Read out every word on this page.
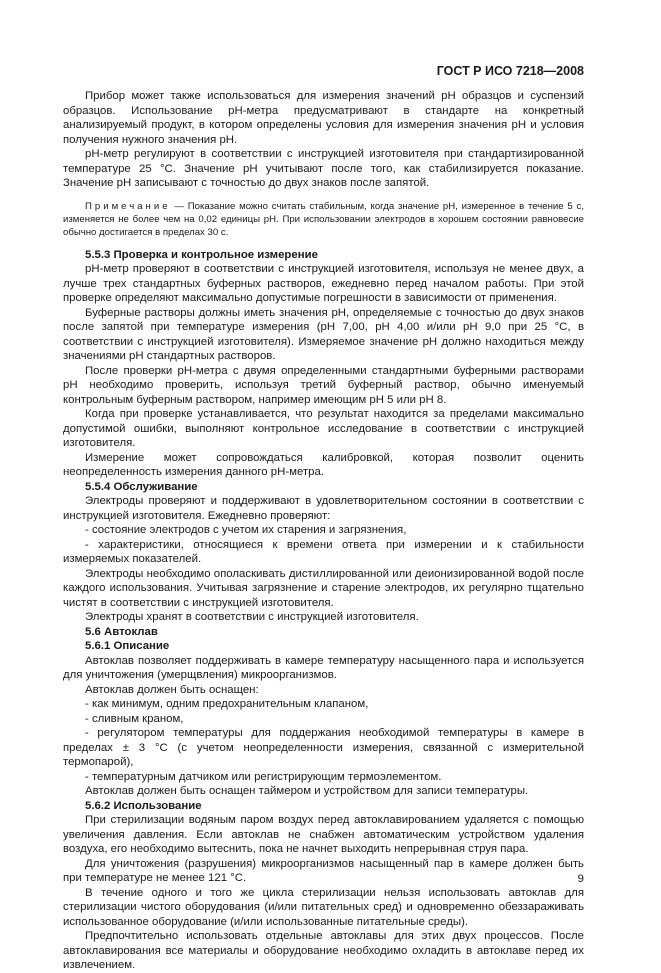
ГОСТ Р ИСО 7218—2008

Прибор может также использоваться для измерения значений pH образцов и суспензий образцов. Использование pH-метра предусматривают в стандарте на конкретный анализируемый продукт, в котором определены условия для измерения значения pH и условия получения нужного значения pH.

pH-метр регулируют в соответствии с инструкцией изготовителя при стандартизированной температуре 25 °С. Значение pH учитывают после того, как стабилизируется показание. Значение pH записывают с точностью до двух знаков после запятой.

Примечание — Показание можно считать стабильным, когда значение pH, измеренное в течение 5 с, изменяется не более чем на 0,02 единицы pH. При использовании электродов в хорошем состоянии равновесие обычно достигается в пределах 30 с.
5.5.3 Проверка и контрольное измерение

pH-метр проверяют в соответствии с инструкцией изготовителя, используя не менее двух, а лучше трех стандартных буферных растворов, ежедневно перед началом работы. При этой проверке определяют максимально допустимые погрешности в зависимости от применения.

Буферные растворы должны иметь значения pH, определяемые с точностью до двух знаков после запятой при температуре измерения (pH 7,00, pH 4,00 и/или pH 9,0 при 25 °С, в соответствии с инструкцией изготовителя). Измеряемое значение pH должно находиться между значениями pH стандартных растворов.

После проверки pH-метра с двумя определенными стандартными буферными растворами pH необходимо проверить, используя третий буферный раствор, обычно именуемый контрольным буферным раствором, например имеющим pH 5 или pH 8.

Когда при проверке устанавливается, что результат находится за пределами максимально допустимой ошибки, выполняют контрольное исследование в соответствии с инструкцией изготовителя.

Измерение может сопровождаться калибровкой, которая позволит оценить неопределенность измерения данного pH-метра.

5.5.4 Обслуживание

Электроды проверяют и поддерживают в удовлетворительном состоянии в соответствии с инструкцией изготовителя. Ежедневно проверяют:

- состояние электродов с учетом их старения и загрязнения,

- характеристики, относящиеся к времени ответа при измерении и к стабильности измеряемых показателей.

Электроды необходимо ополаскивать дистиллированной или деионизированной водой после каждого использования. Учитывая загрязнение и старение электродов, их регулярно тщательно чистят в соответствии с инструкцией изготовителя.

Электроды хранят в соответствии с инструкцией изготовителя.

5.6 Автоклав
5.6.1 Описание

Автоклав позволяет поддерживать в камере температуру насыщенного пара и используется для уничтожения (умерщвления) микроорганизмов.

Автоклав должен быть оснащен:

- как минимум, одним предохранительным клапаном,

- сливным краном,

- регулятором температуры для поддержания необходимой температуры в камере в пределах ± 3 °С (с учетом неопределенности измерения, связанной с измерительной термопарой),

- температурным датчиком или регистрирующим термоэлементом.

Автоклав должен быть оснащен таймером и устройством для записи температуры.

5.6.2 Использование

При стерилизации водяным паром воздух перед автоклавированием удаляется с помощью увеличения давления. Если автоклав не снабжен автоматическим устройством удаления воздуха, его необходимо вытеснить, пока не начнет выходить непрерывная струя пара.

Для уничтожения (разрушения) микроорганизмов насыщенный пар в камере должен быть при температуре не менее 121 °С.

В течение одного и того же цикла стерилизации нельзя использовать автоклав для стерилизации чистого оборудования (и/или питательных сред) и одновременно обеззараживать использованное оборудование (и/или использованные питательные среды).

Предпочтительно использовать отдельные автоклавы для этих двух процессов. После автоклавирования все материалы и оборудование необходимо охладить в автоклаве перед их извлечением.

9
